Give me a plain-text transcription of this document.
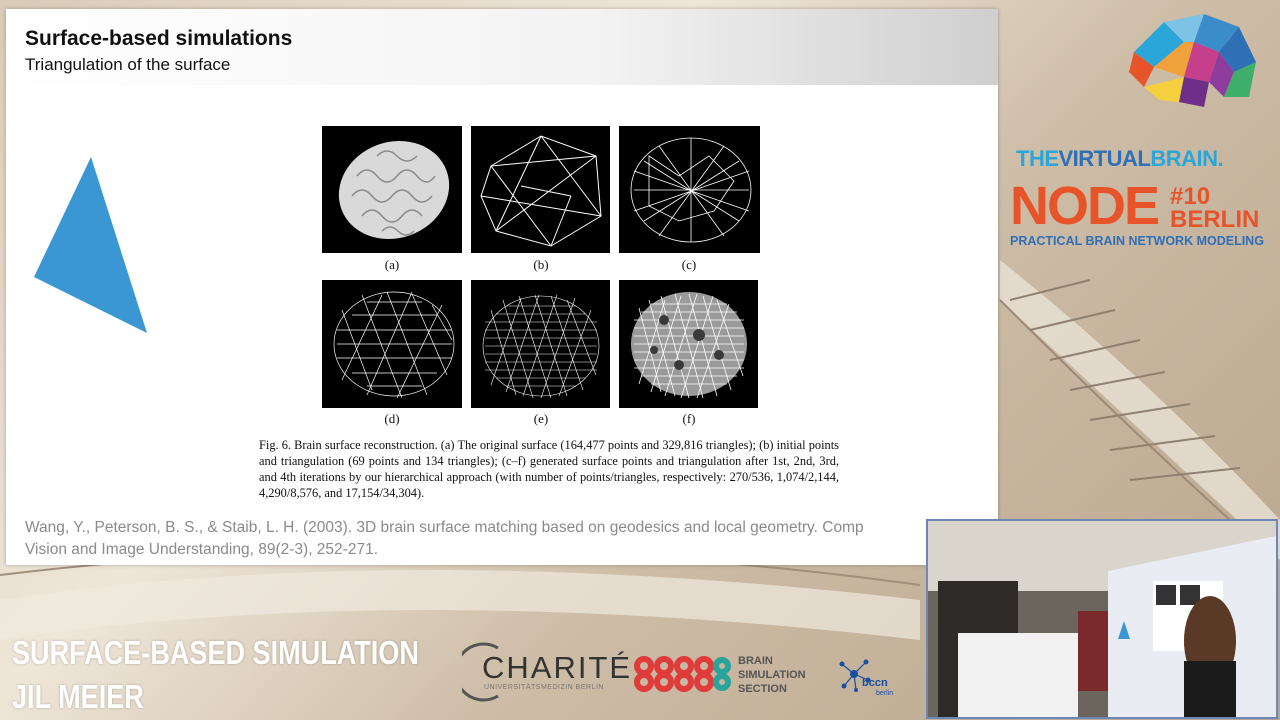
Surface-based simulations
Triangulation of the surface
(a)	(b)	(c)
(d)	(e)	(f)
Fig. 6. Brain surface reconstruction. (a) The original surface (164,477 points and 329,816 triangles); (b) initial points and triangulation (69 points and 134 triangles); (c–f) generated surface points and triangulation after 1st, 2nd, 3rd, and 4th iterations by our hierarchical approach (with number of points/triangles, respectively: 270/536, 1,074/2,144, 4,290/8,576, and 17,154/34,304).
Wang, Y., Peterson, B. S., & Staib, L. H. (2003). 3D brain surface matching based on geodesics and local geometry. Comp
Vision and Image Understanding, 89(2-3), 252-271.
THEVIRTUALBRAIN.
NODE #10
BERLIN
PRACTICAL BRAIN NETWORK MODELING
SURFACE-BASED SIMULATION
JIL MEIER
CHARITÉ
UNIVERSITÄTSMEDIZIN BERLIN
BRAIN
SIMULATION
SECTION	bccn
berlin
